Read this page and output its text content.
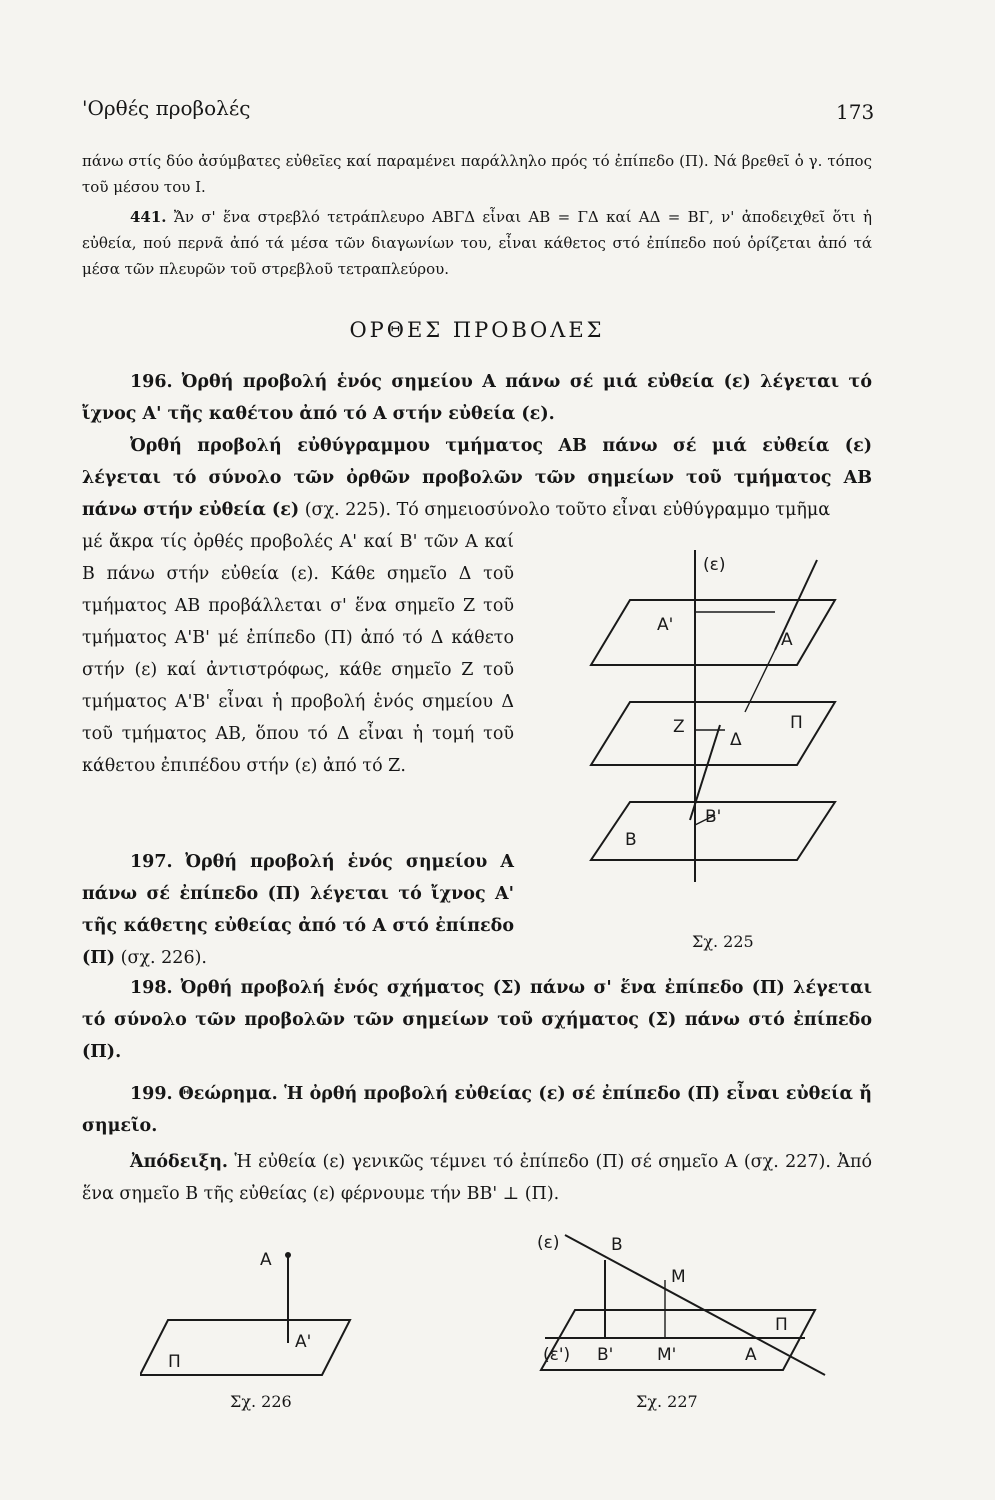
'Ορθές προβολές	173
πάνω στίς δύο ἀσύμβατες εὐθεῖες καί παραμένει παράλληλο πρός τό ἐπίπεδο (Π). Νά βρεθεῖ ὁ γ. τόπος τοῦ μέσου του Ι.
441. Ἄν σ' ἕνα στρεβλό τετράπλευρο ΑΒΓΔ εἶναι ΑΒ = ΓΔ καί ΑΔ = ΒΓ, ν' ἀποδειχθεῖ ὅτι ἡ εὐθεία, πού περνᾶ ἀπό τά μέσα τῶν διαγωνίων του, εἶναι κάθετος στό ἐπίπεδο πού ὁρίζεται ἀπό τά μέσα τῶν πλευρῶν τοῦ στρεβλοῦ τετραπλεύρου.
ΟΡΘΕΣ ΠΡΟΒΟΛΕΣ
196. Ὀρθή προβολή ἑνός σημείου Α πάνω σέ μιά εὐθεία (ε) λέγεται τό ἴχνος Α' τῆς καθέτου ἀπό τό Α στήν εὐθεία (ε).
Ὀρθή προβολή εὐθύγραμμου τμήματος ΑΒ πάνω σέ μιά εὐθεία (ε) λέγεται τό σύνολο τῶν ὀρθῶν προβολῶν τῶν σημείων τοῦ τμήματος ΑΒ πάνω στήν εὐθεία (ε) (σχ. 225). Τό σημειοσύνολο τοῦτο εἶναι εὐθύγραμμο τμῆμα
μέ ἄκρα τίς ὀρθές προβολές Α' καί Β' τῶν Α καί Β πάνω στήν εὐθεία (ε). Κάθε σημεῖο Δ τοῦ τμήματος ΑΒ προβάλλεται σ' ἕνα σημεῖο Ζ τοῦ τμήματος Α'Β' μέ ἐπίπεδο (Π) ἀπό τό Δ κάθετο στήν (ε) καί ἀντιστρόφως, κάθε σημεῖο Ζ τοῦ τμήματος Α'Β' εἶναι ἡ προβολή ἑνός σημείου Δ τοῦ τμήματος ΑΒ, ὅπου τό Δ εἶναι ἡ τομή τοῦ κάθετου ἐπιπέδου στήν (ε) ἀπό τό Ζ.
197. Ὀρθή προβολή ἑνός σημείου Α πάνω σέ ἐπίπεδο (Π) λέγεται τό ἴχνος Α' τῆς κάθετης εὐθείας ἀπό τό Α στό ἐπίπεδο (Π) (σχ. 226).
198. Ὀρθή προβολή ἑνός σχήματος (Σ) πάνω σ' ἕνα ἐπίπεδο (Π) λέγεται τό σύνολο τῶν προβολῶν τῶν σημείων τοῦ σχήματος (Σ) πάνω στό ἐπίπεδο (Π).
199. Θεώρημα. Ἡ ὀρθή προβολή εὐθείας (ε) σέ ἐπίπεδο (Π) εἶναι εὐθεία ἤ σημεῖο.
Ἀπόδειξη. Ἡ εὐθεία (ε) γενικῶς τέμνει τό ἐπίπεδο (Π) σέ σημεῖο Α (σχ. 227). Ἀπό ἕνα σημεῖο Β τῆς εὐθείας (ε) φέρνουμε τήν ΒΒ' ⊥ (Π).
(ε)
Α'
Α
Ζ
Δ
Π
Β'
Β
Σχ. 225
Α
Α'
Π
Σχ. 226
(ε)	Β
Μ
Π
(ε') Β'	Μ'	Α
Σχ. 227
